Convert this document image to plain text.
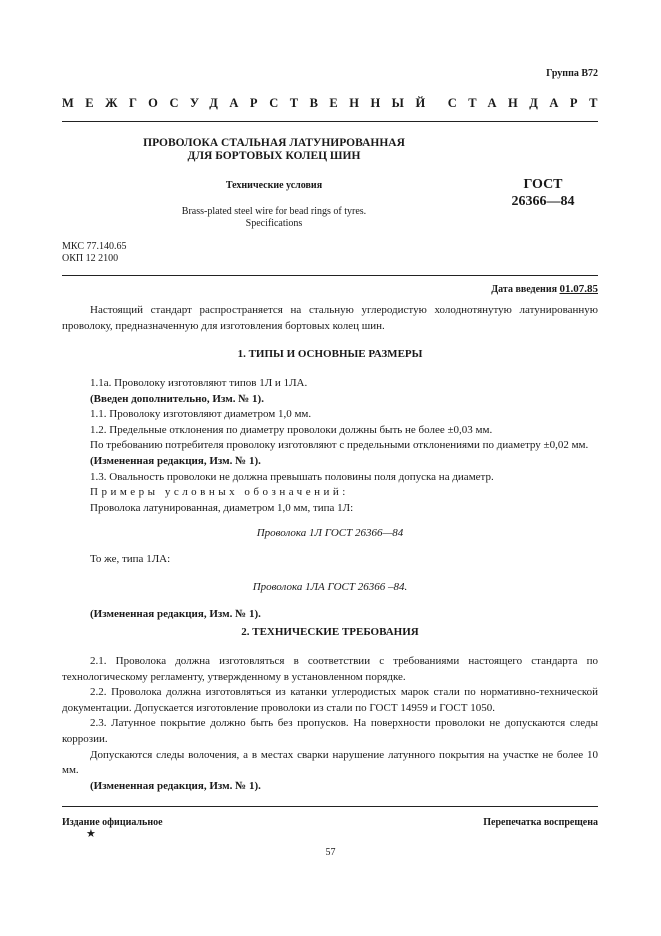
Группа В72
МЕЖГОСУДАРСТВЕННЫЙ СТАНДАРТ
ПРОВОЛОКА СТАЛЬНАЯ ЛАТУНИРОВАННАЯ
ДЛЯ БОРТОВЫХ КОЛЕЦ ШИН
Технические условия
Brass-plated steel wire for bead rings of tyres.
Specifications
ГОСТ
26366—84
МКС 77.140.65
ОКП 12 2100
Дата введения 01.07.85

Настоящий стандарт распространяется на стальную углеродистую холоднотянутую латунированную проволоку, предназначенную для изготовления бортовых колец шин.

1. ТИПЫ И ОСНОВНЫЕ РАЗМЕРЫ

1.1а. Проволоку изготовляют типов 1Л и 1ЛА.

(Введен дополнительно, Изм. № 1).

1.1. Проволоку изготовляют диаметром 1,0 мм.

1.2. Предельные отклонения по диаметру проволоки должны быть не более ±0,03 мм.

По требованию потребителя проволоку изготовляют с предельными отклонениями по диаметру ±0,02 мм.

(Измененная редакция, Изм. № 1).

1.3. Овальность проволоки не должна превышать половины поля допуска на диаметр.

Примеры условных обозначений:

Проволока латунированная, диаметром 1,0 мм, типа 1Л:

Проволока 1Л ГОСТ 26366—84

То же, типа 1ЛА:

Проволока 1ЛА ГОСТ 26366 –84.

(Измененная редакция, Изм. № 1).

2. ТЕХНИЧЕСКИЕ ТРЕБОВАНИЯ

2.1. Проволока должна изготовляться в соответствии с требованиями настоящего стандарта по технологическому регламенту, утвержденному в установленном порядке.

2.2. Проволока должна изготовляться из катанки углеродистых марок стали по нормативно-технической документации. Допускается изготовление проволоки из стали по ГОСТ 14959 и ГОСТ 1050.

2.3. Латунное покрытие должно быть без пропусков. На поверхности проволоки не допускаются следы коррозии.

Допускаются следы волочения, а в местах сварки нарушение латунного покрытия на участке не более 10 мм.

(Измененная редакция, Изм. № 1).

Издание официальное	Перепечатка воспрещена
★
57
